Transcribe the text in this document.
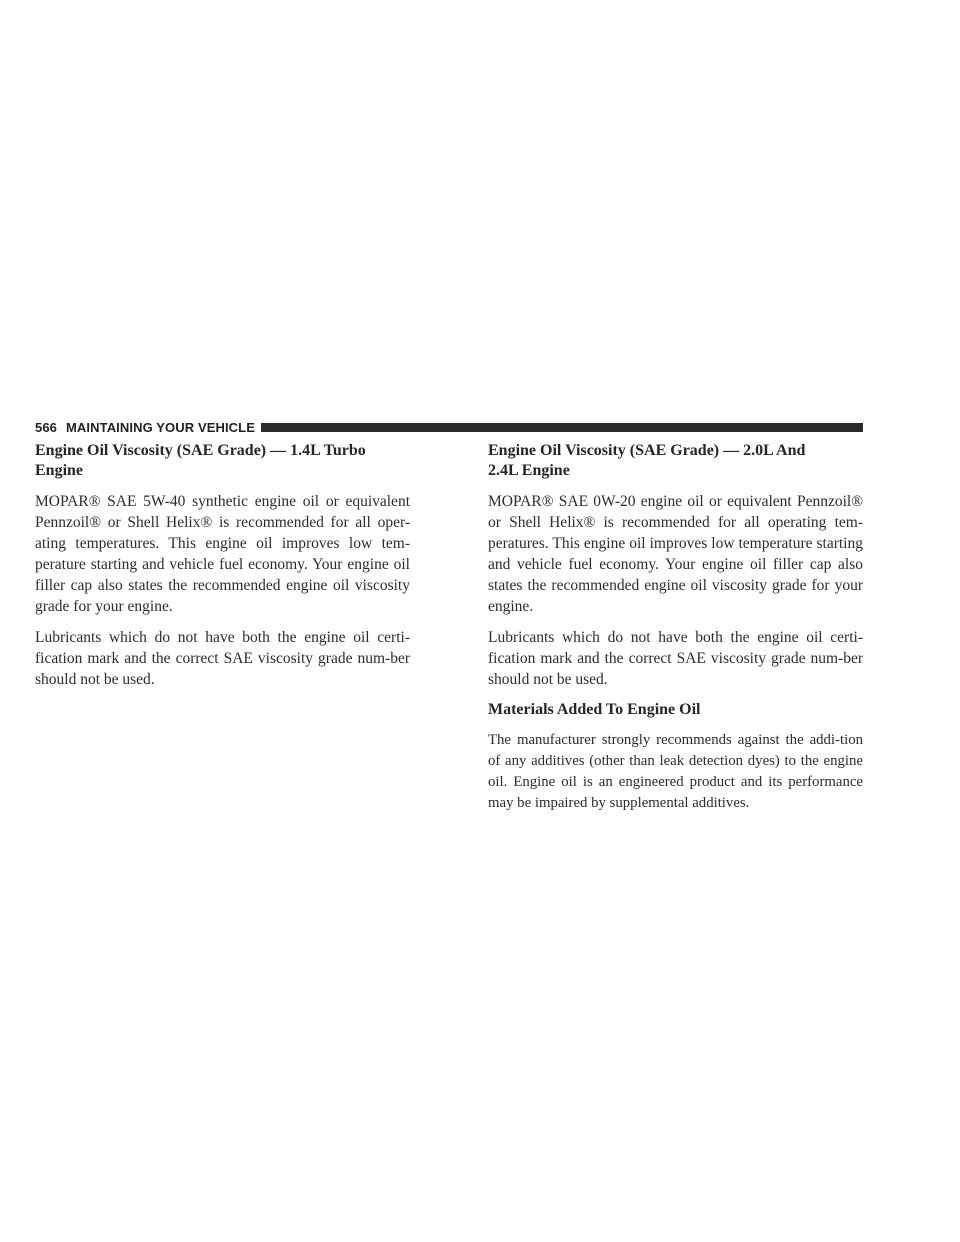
566 MAINTAINING YOUR VEHICLE
Engine Oil Viscosity (SAE Grade) — 1.4L Turbo
Engine

MOPAR® SAE 5W-40 synthetic engine oil or equivalent Pennzoil® or Shell Helix® is recommended for all oper-ating temperatures. This engine oil improves low tem-perature starting and vehicle fuel economy. Your engine oil filler cap also states the recommended engine oil viscosity grade for your engine.

Lubricants which do not have both the engine oil certi-fication mark and the correct SAE viscosity grade num-ber should not be used.

Engine Oil Viscosity (SAE Grade) — 2.0L And
2.4L Engine

MOPAR® SAE 0W-20 engine oil or equivalent Pennzoil® or Shell Helix® is recommended for all operating tem-peratures. This engine oil improves low temperature starting and vehicle fuel economy. Your engine oil filler cap also states the recommended engine oil viscosity grade for your engine.

Lubricants which do not have both the engine oil certi-fication mark and the correct SAE viscosity grade num-ber should not be used.

Materials Added To Engine Oil

The manufacturer strongly recommends against the addi-tion of any additives (other than leak detection dyes) to the engine oil. Engine oil is an engineered product and its performance may be impaired by supplemental additives.
